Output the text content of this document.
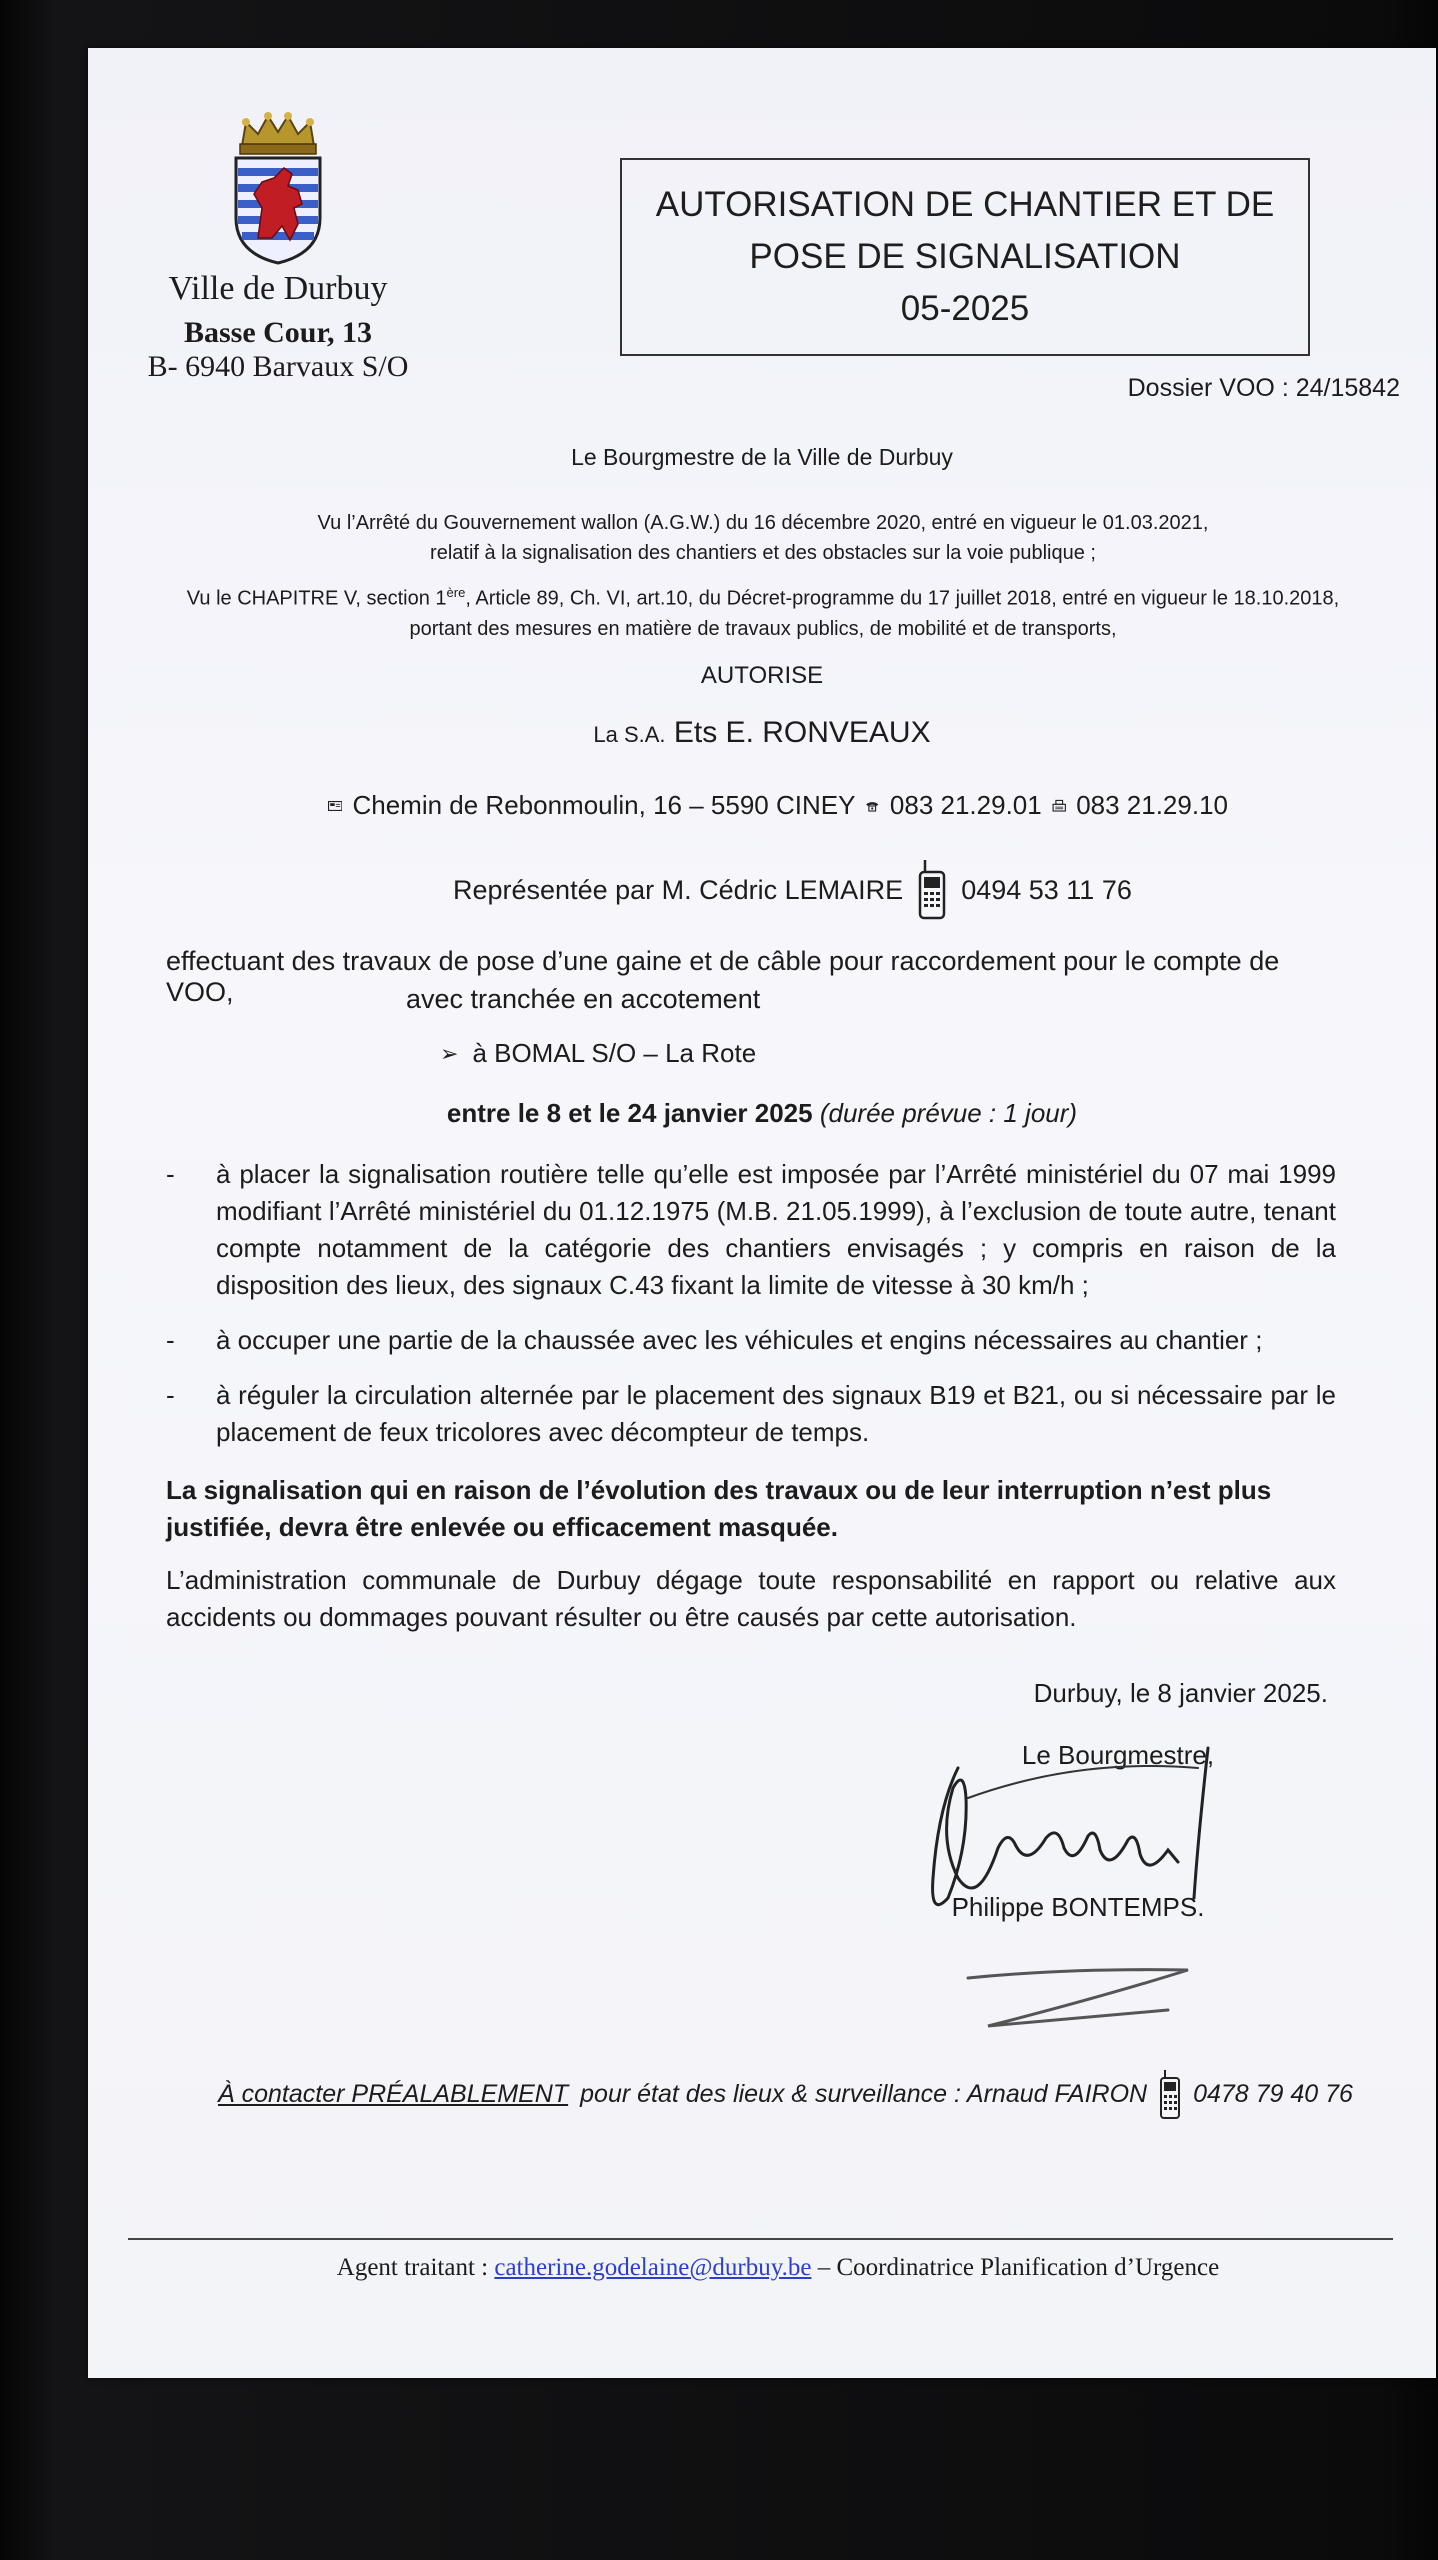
Ville de Durbuy
Basse Cour, 13
B- 6940 Barvaux S/O
AUTORISATION DE CHANTIER ET DE
POSE DE SIGNALISATION
05-2025
Dossier VOO : 24/15842
Le Bourgmestre de la Ville de Durbuy
Vu l’Arrêté du Gouvernement wallon (A.G.W.) du 16 décembre 2020, entré en vigueur le 01.03.2021,
relatif à la signalisation des chantiers et des obstacles sur la voie publique ;
Vu le CHAPITRE V, section 1ère, Article 89, Ch. VI, art.10, du Décret-programme du 17 juillet 2018, entré en vigueur le 18.10.2018,
portant des mesures en matière de travaux publics, de mobilité et de transports,
AUTORISE
La S.A. Ets E. RONVEAUX
Chemin de Rebonmoulin, 16 – 5590 CINEY 083 21.29.01 083 21.29.10
Représentée par M. Cédric LEMAIRE 0494 53 11 76
effectuant des travaux de pose d’une gaine et de câble pour raccordement pour le compte de VOO,	avec tranchée en accotement
➢ à BOMAL S/O – La Rote
entre le 8 et le 24 janvier 2025 (durée prévue : 1 jour)
-	à placer la signalisation routière telle qu’elle est imposée par l’Arrêté ministériel du 07 mai 1999 modifiant l’Arrêté ministériel du 01.12.1975 (M.B. 21.05.1999), à l’exclusion de toute autre, tenant compte notamment de la catégorie des chantiers envisagés ; y compris en raison de la disposition des lieux, des signaux C.43 fixant la limite de vitesse à 30 km/h ;
-	à occuper une partie de la chaussée avec les véhicules et engins nécessaires au chantier ;
-	à réguler la circulation alternée par le placement des signaux B19 et B21, ou si nécessaire par le placement de feux tricolores avec décompteur de temps.
La signalisation qui en raison de l’évolution des travaux ou de leur interruption n’est plus justifiée, devra être enlevée ou efficacement masquée.
L’administration communale de Durbuy dégage toute responsabilité en rapport ou relative aux accidents ou dommages pouvant résulter ou être causés par cette autorisation.
Durbuy, le 8 janvier 2025.
Le Bourgmestre,
Philippe BONTEMPS.
À contacter PRÉALABLEMENT pour état des lieux & surveillance : Arnaud FAIRON 0478 79 40 76
Agent traitant : catherine.godelaine@durbuy.be – Coordinatrice Planification d’Urgence
